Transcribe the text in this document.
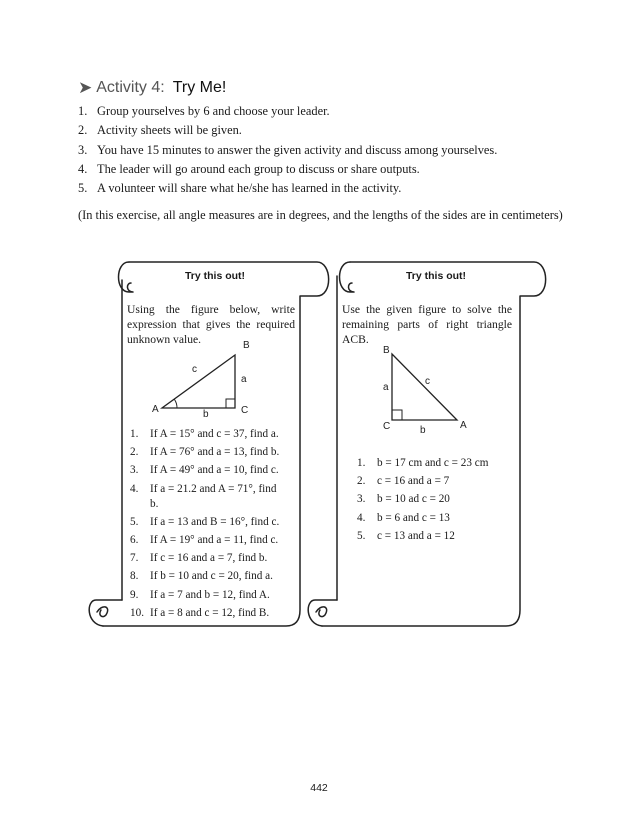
➤ Activity 4: Try Me!
1. Group yourselves by 6 and choose your leader.
2. Activity sheets will be given.
3. You have 15 minutes to answer the given activity and discuss among yourselves.
4. The leader will go around each group to discuss or share outputs.
5. A volunteer will share what he/she has learned in the activity.
(In this exercise, all angle measures are in degrees, and the lengths of the sides are in centimeters)
Try this out!
Using the figure below, write expression that gives the required unknown value.	B
A	C
c
a
b
1.	If A = 15° and c = 37, find a.
2.	If A = 76° and a = 13, find b.
3.	If A = 49° and a = 10, find c.
4.	If a = 21.2 and A = 71°, find b.
5.	If a = 13 and B = 16°, find c.
6.	If A = 19° and a = 11, find c.
7.	If c = 16 and a = 7, find b.
8.	If b = 10 and c = 20, find a.
9.	If a = 7 and b = 12, find A.
10. If a = 8 and c = 12, find B.
Try this out!
Use the given figure to solve the remaining parts of right triangle ACB.
B
C	A
a
c
b
1.	b = 17 cm and c = 23 cm
2.	c = 16 and a = 7
3.	b = 10 ad c = 20
4.	b = 6 and c = 13
5.	c = 13 and a = 12
442
